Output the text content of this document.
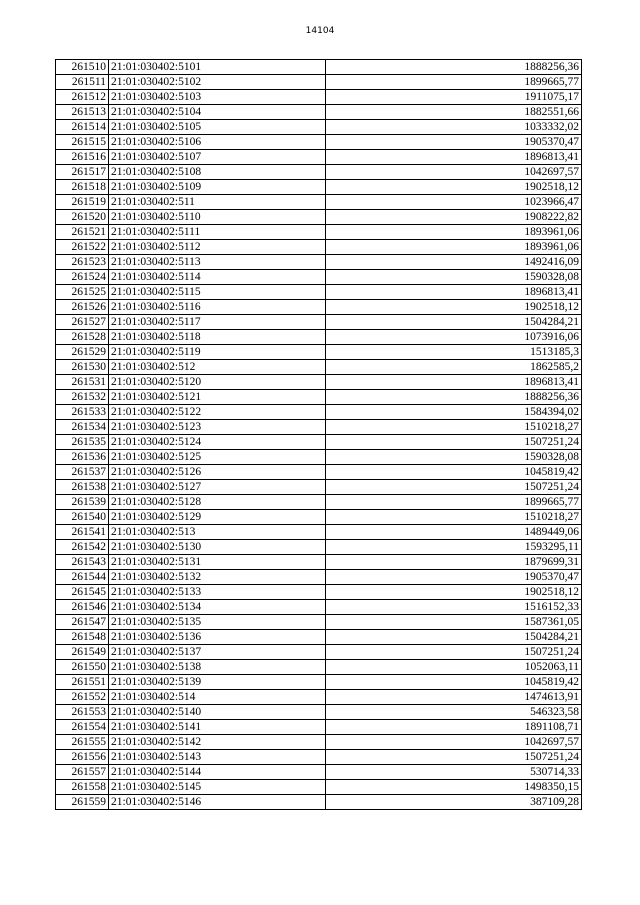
14104
261510	21:01:030402:5101	1888256,36
261511	21:01:030402:5102	1899665,77
261512	21:01:030402:5103	1911075,17
261513	21:01:030402:5104	1882551,66
261514	21:01:030402:5105	1033332,02
261515	21:01:030402:5106	1905370,47
261516	21:01:030402:5107	1896813,41
261517	21:01:030402:5108	1042697,57
261518	21:01:030402:5109	1902518,12
261519	21:01:030402:511	1023966,47
261520	21:01:030402:5110	1908222,82
261521	21:01:030402:5111	1893961,06
261522	21:01:030402:5112	1893961,06
261523	21:01:030402:5113	1492416,09
261524	21:01:030402:5114	1590328,08
261525	21:01:030402:5115	1896813,41
261526	21:01:030402:5116	1902518,12
261527	21:01:030402:5117	1504284,21
261528	21:01:030402:5118	1073916,06
261529	21:01:030402:5119	1513185,3
261530	21:01:030402:512	1862585,2
261531	21:01:030402:5120	1896813,41
261532	21:01:030402:5121	1888256,36
261533	21:01:030402:5122	1584394,02
261534	21:01:030402:5123	1510218,27
261535	21:01:030402:5124	1507251,24
261536	21:01:030402:5125	1590328,08
261537	21:01:030402:5126	1045819,42
261538	21:01:030402:5127	1507251,24
261539	21:01:030402:5128	1899665,77
261540	21:01:030402:5129	1510218,27
261541	21:01:030402:513	1489449,06
261542	21:01:030402:5130	1593295,11
261543	21:01:030402:5131	1879699,31
261544	21:01:030402:5132	1905370,47
261545	21:01:030402:5133	1902518,12
261546	21:01:030402:5134	1516152,33
261547	21:01:030402:5135	1587361,05
261548	21:01:030402:5136	1504284,21
261549	21:01:030402:5137	1507251,24
261550	21:01:030402:5138	1052063,11
261551	21:01:030402:5139	1045819,42
261552	21:01:030402:514	1474613,91
261553	21:01:030402:5140	546323,58
261554	21:01:030402:5141	1891108,71
261555	21:01:030402:5142	1042697,57
261556	21:01:030402:5143	1507251,24
261557	21:01:030402:5144	530714,33
261558	21:01:030402:5145	1498350,15
261559	21:01:030402:5146	387109,28
